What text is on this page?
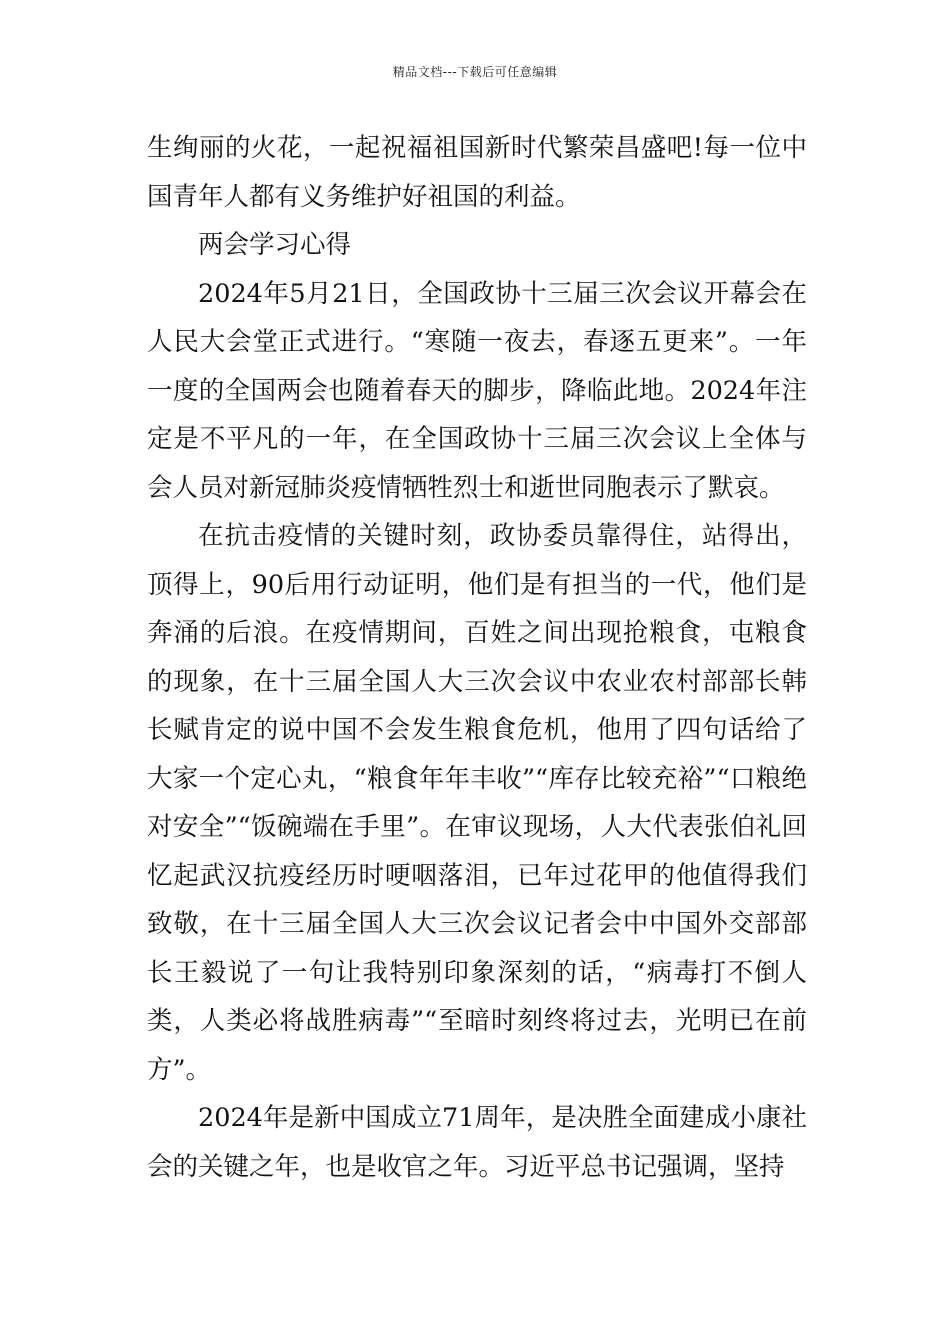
精品文档---下载后可任意编辑

生绚丽的火花，一起祝福祖国新时代繁荣昌盛吧!每一位中国青年人都有义务维护好祖国的利益。

两会学习心得

2024年5月21日，全国政协十三届三次会议开幕会在人民大会堂正式进行。“寒随一夜去，春逐五更来”。一年一度的全国两会也随着春天的脚步，降临此地。2024年注定是不平凡的一年，在全国政协十三届三次会议上全体与会人员对新冠肺炎疫情牺牲烈士和逝世同胞表示了默哀。

在抗击疫情的关键时刻，政协委员靠得住，站得出，顶得上，90后用行动证明，他们是有担当的一代，他们是奔涌的后浪。在疫情期间，百姓之间出现抢粮食，屯粮食的现象，在十三届全国人大三次会议中农业农村部部长韩长赋肯定的说中国不会发生粮食危机，他用了四句话给了大家一个定心丸，“粮食年年丰收”“库存比较充裕”“口粮绝对安全”“饭碗端在手里”。在审议现场，人大代表张伯礼回忆起武汉抗疫经历时哽咽落泪，已年过花甲的他值得我们致敬，在十三届全国人大三次会议记者会中中国外交部部长王毅说了一句让我特别印象深刻的话，“病毒打不倒人类，人类必将战胜病毒”“至暗时刻终将过去，光明已在前方”。

2024年是新中国成立71周年，是决胜全面建成小康社会的关键之年，也是收官之年。习近平总书记强调，坚持
